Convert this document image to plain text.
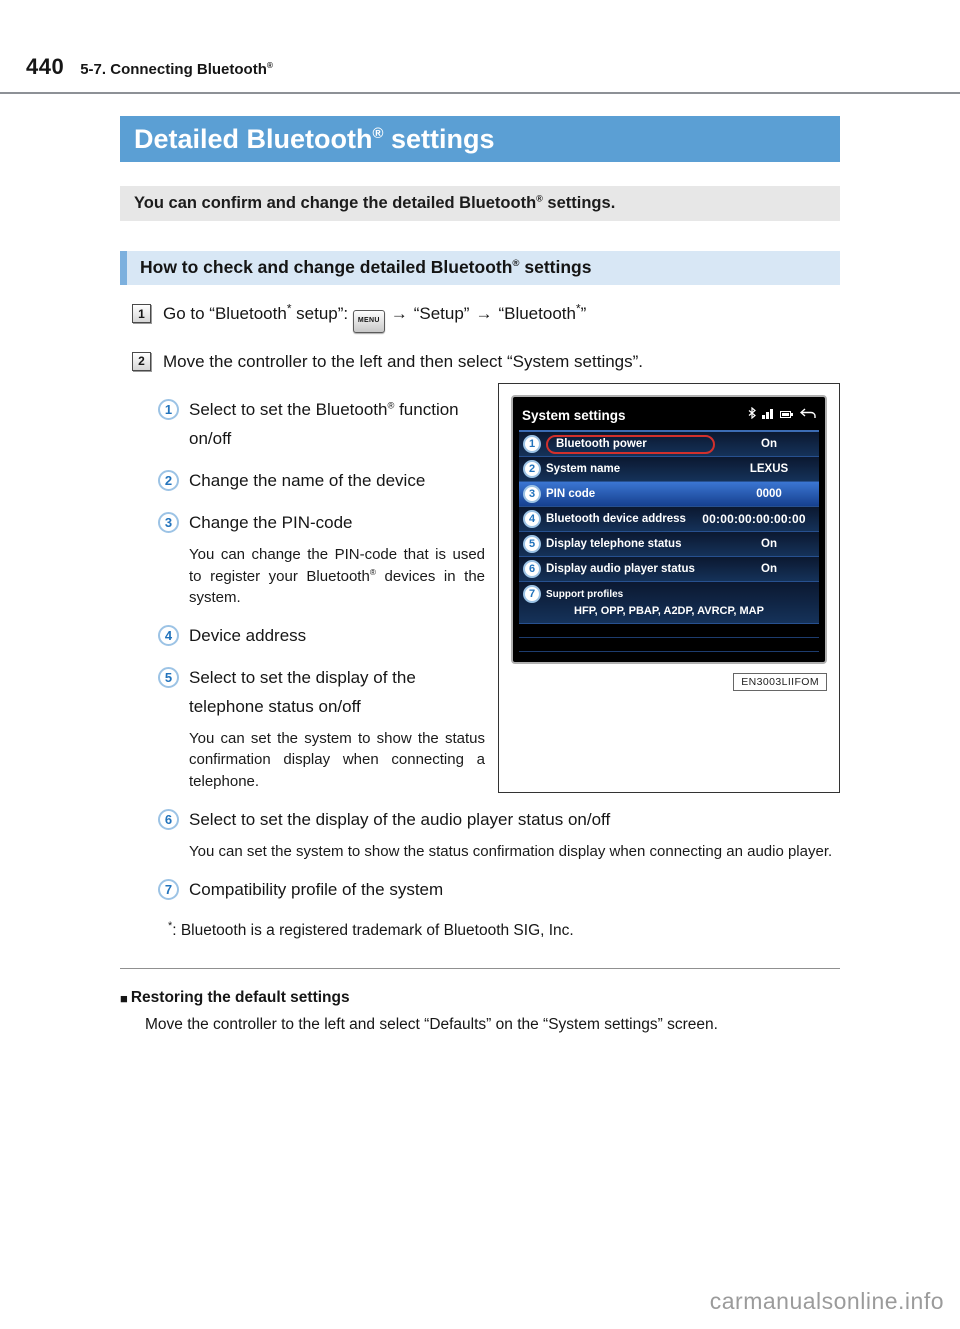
440 5-7. Connecting Bluetooth®
Detailed Bluetooth® settings
You can confirm and change the detailed Bluetooth® settings.
How to check and change detailed Bluetooth® settings
1	Go to “Bluetooth* setup”: MENU → “Setup” → “Bluetooth*”
2	Move the controller to the left and then select “System settings”.
1 Select to set the Bluetooth® function on/off
2 Change the name of the device
3 Change the PIN-code

You can change the PIN-code that is used to register your Bluetooth® devices in the system.

4 Device address
5 Select to set the display of the telephone status on/off

You can set the system to show the status confirmation display when connecting a telephone.

System settings
1	Bluetooth power	On
2 System name	LEXUS
3 PIN code	0000
4 Bluetooth device address	00:00:00:00:00:00
5 Display telephone status	On
6 Display audio player status	On
7	Support profiles
HFP, OPP, PBAP, A2DP, AVRCP, MAP
EN3003LIIFOM
6 Select to set the display of the audio player status on/off

You can set the system to show the status confirmation display when connecting an audio player.

7 Compatibility profile of the system

*: Bluetooth is a registered trademark of Bluetooth SIG, Inc.

■ Restoring the default settings

Move the controller to the left and select “Defaults” on the “System settings” screen.

carmanualsonline.info
